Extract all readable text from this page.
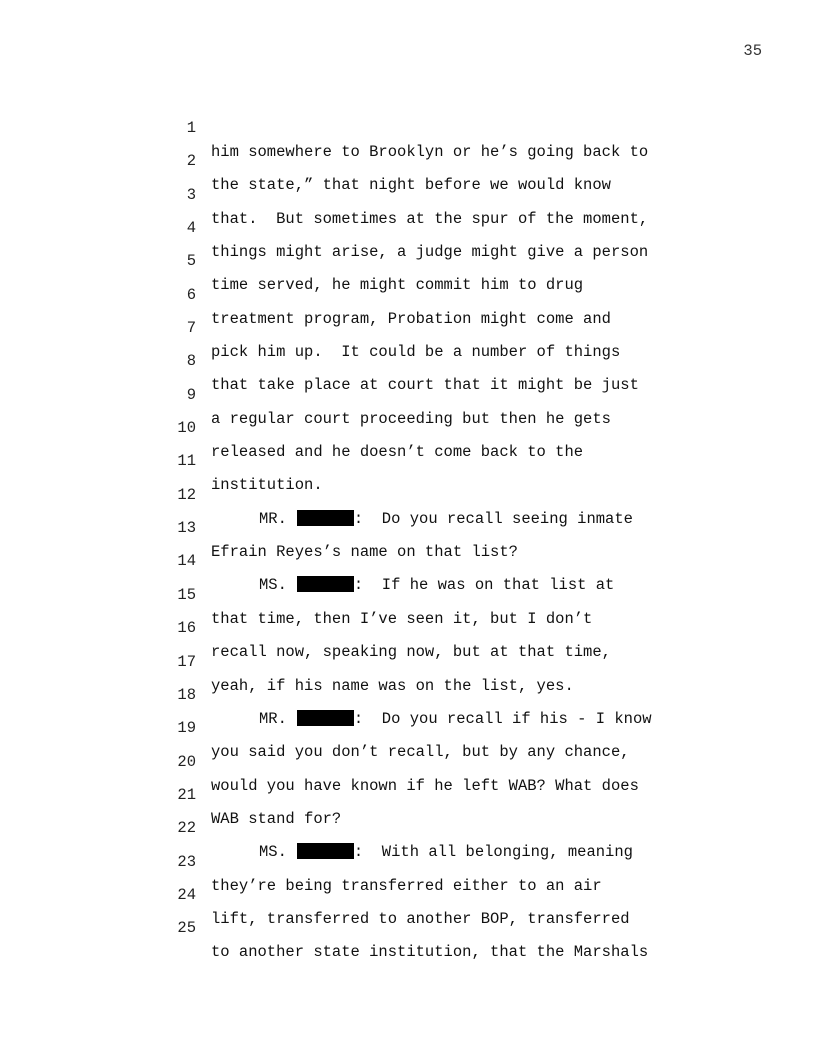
35

1

him somewhere to Brooklyn or he’s going back to

2

the state,” that night before we would know

3

that.  But sometimes at the spur of the moment,

4

things might arise, a judge might give a person

5

time served, he might commit him to drug

6

treatment program, Probation might come and

7

pick him up.  It could be a number of things

8

that take place at court that it might be just

9

a regular court proceeding but then he gets

10

released and he doesn’t come back to the

11

institution.

12

MR.	:  Do you recall seeing inmate

13

Efrain Reyes’s name on that list?

14

MS.	:  If he was on that list at

15

that time, then I’ve seen it, but I don’t

16

recall now, speaking now, but at that time,

17

yeah, if his name was on the list, yes.

18

MR.	:  Do you recall if his - I know

19

you said you don’t recall, but by any chance,

20

would you have known if he left WAB? What does

21

WAB stand for?

22

MS.	:  With all belonging, meaning

23

they’re being transferred either to an air

24

lift, transferred to another BOP, transferred

25

to another state institution, that the Marshals
